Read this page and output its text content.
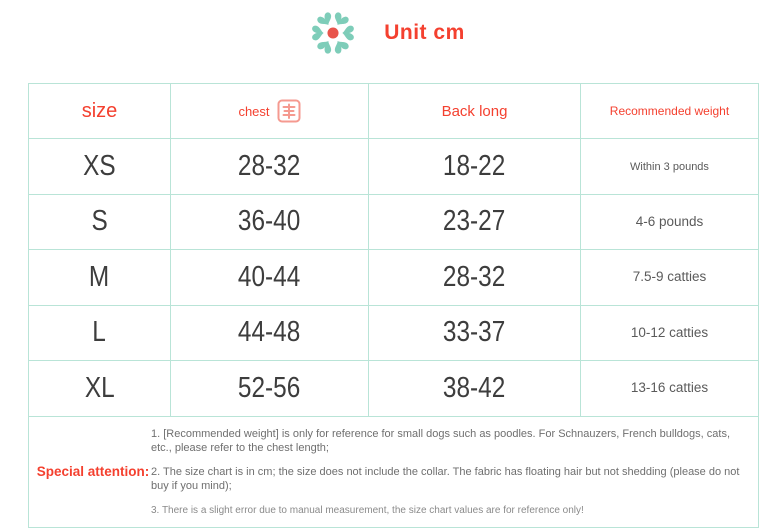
Unit cm
size	chest	Back long	Recommended weight
XS	28-32	18-22	Within 3 pounds
S	36-40	23-27	4-6 pounds
M	40-44	28-32	7.5-9 catties
L	44-48	33-37	10-12 catties
XL	52-56	38-42	13-16 catties

Special attention:

1. [Recommended weight] is only for reference for small dogs such as poodles. For Schnauzers, French bulldogs, cats, etc., please refer to the chest length;

2. The size chart is in cm; the size does not include the collar. The fabric has floating hair but not shedding (please do not buy if you mind);

3. There is a slight error due to manual measurement, the size chart values are for reference only!			
